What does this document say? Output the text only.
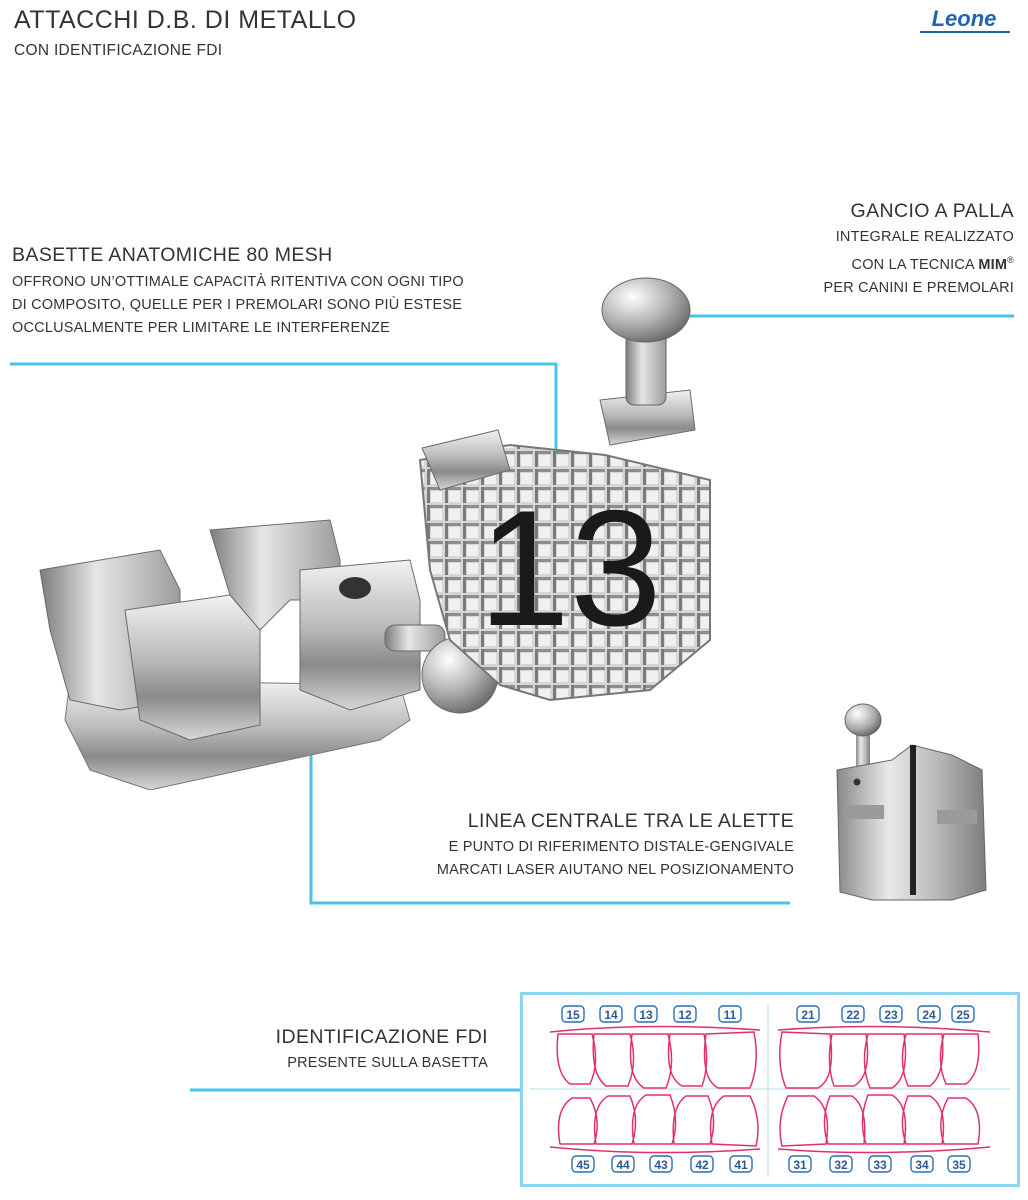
ATTACCHI D.B. DI METALLO
CON IDENTIFICAZIONE FDI
Leone
BASETTE ANATOMICHE 80 MESH
OFFRONO UN’OTTIMALE CAPACITÀ RITENTIVA CON OGNI TIPO
DI COMPOSITO, QUELLE PER I PREMOLARI SONO PIÙ ESTESE
OCCLUSALMENTE PER LIMITARE LE INTERFERENZE
GANCIO A PALLA
INTEGRALE REALIZZATO
CON LA TECNICA MIM®
PER CANINI E PREMOLARI
LINEA CENTRALE TRA LE ALETTE
E PUNTO DI RIFERIMENTO DISTALE-GENGIVALE
MARCATI LASER AIUTANO NEL POSIZIONAMENTO
IDENTIFICAZIONE FDI
PRESENTE SULLA BASETTA
13
15 14 13 12	11	21	22 23 24 25
45 44 43 42 41	31 32 33 34 35
